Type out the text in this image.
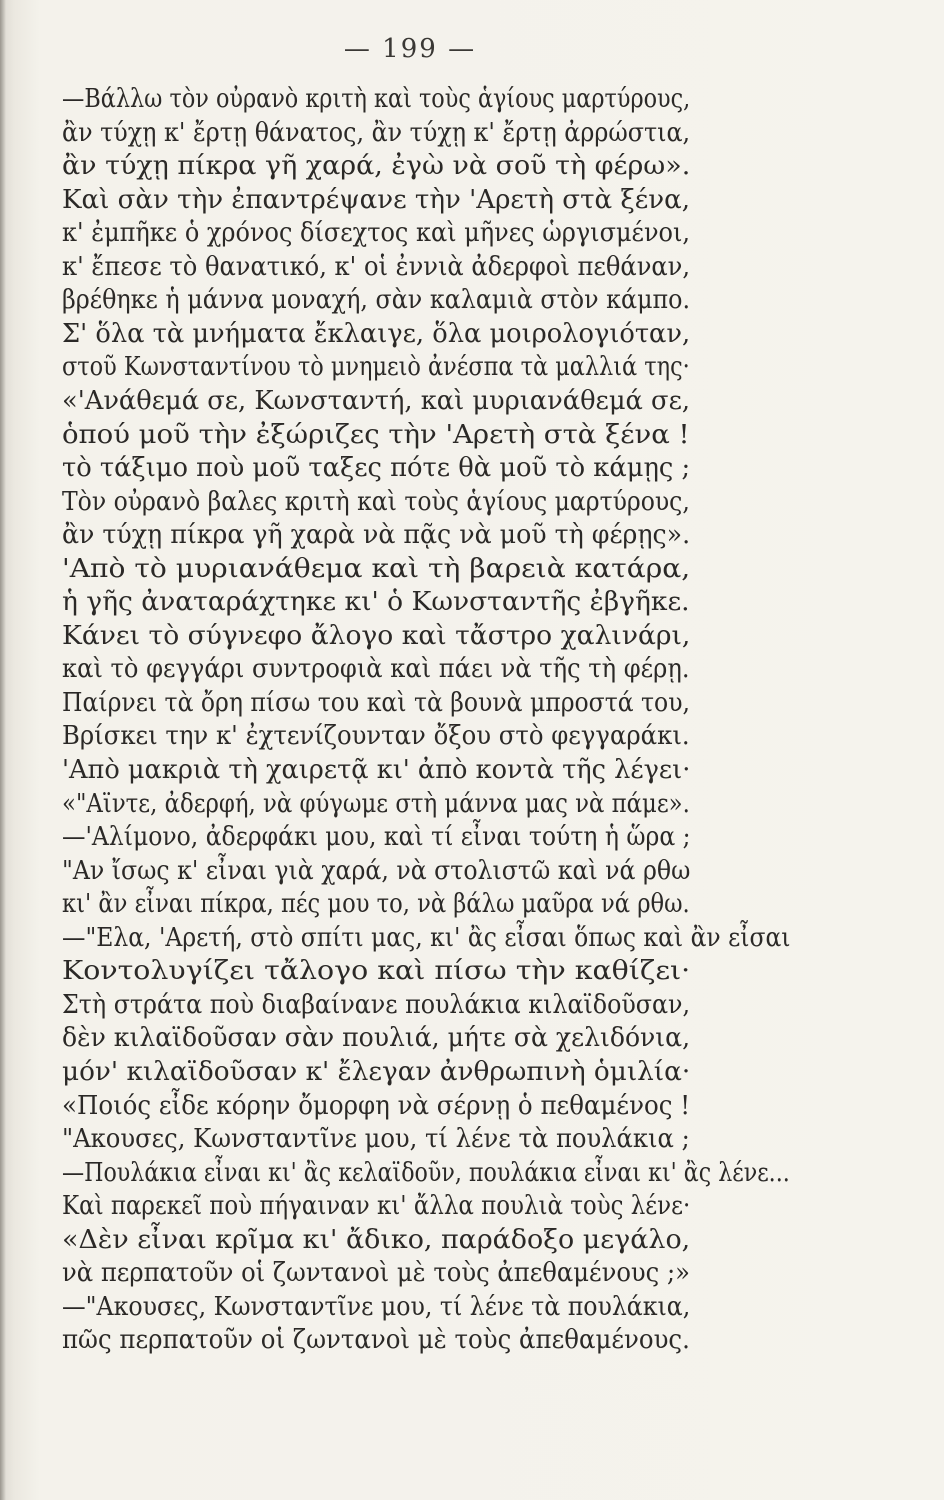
— 199 —
—Βάλλω τὸν οὐρανὸ κριτὴ καὶ τοὺς ἁγίους μαρτύρους,
ἂν τύχῃ κ' ἔρτῃ θάνατος, ἂν τύχῃ κ' ἔρτῃ ἀρρώστια,
ἂν τύχῃ πίκρα γῆ χαρά, ἐγὼ νὰ σοῦ τὴ φέρω».
Καὶ σὰν τὴν ἐπαντρέψανε τὴν 'Αρετὴ στὰ ξένα,
κ' ἐμπῆκε ὁ χρόνος δίσεχτος καὶ μῆνες ὡργισμένοι,
κ' ἔπεσε τὸ θανατικό, κ' οἱ ἐννιὰ ἀδερφοὶ πεθάναν,
βρέθηκε ἡ μάννα μοναχή, σὰν καλαμιὰ στὸν κάμπο.
Σ' ὅλα τὰ μνήματα ἔκλαιγε, ὅλα μοιρολογιόταν,
στοῦ Κωνσταντίνου τὸ μνημειὸ ἀνέσπα τὰ μαλλιά της·
«'Ανάθεμά σε, Κωνσταντή, καὶ μυριανάθεμά σε,
ὁπού μοῦ τὴν ἐξώριζες τὴν 'Αρετὴ στὰ ξένα !
τὸ τάξιμο ποὺ μοῦ ταξες πότε θὰ μοῦ τὸ κάμῃς ;
Τὸν οὐρανὸ βαλες κριτὴ καὶ τοὺς ἁγίους μαρτύρους,
ἂν τύχῃ πίκρα γῆ χαρὰ νὰ πᾷς νὰ μοῦ τὴ φέρῃς».
'Απὸ τὸ μυριανάθεμα καὶ τὴ βαρειὰ κατάρα,
ἡ γῆς ἀναταράχτηκε κι' ὁ Κωνσταντῆς ἐβγῆκε.
Κάνει τὸ σύγνεφο ἄλογο καὶ τἄστρο χαλινάρι,
καὶ τὸ φεγγάρι συντροφιὰ καὶ πάει νὰ τῆς τὴ φέρῃ.
Παίρνει τὰ ὄρη πίσω του καὶ τὰ βουνὰ μπροστά του,
Βρίσκει την κ' ἐχτενίζουνταν ὄξου στὸ φεγγαράκι.
'Απὸ μακριὰ τὴ χαιρετᾷ κι' ἀπὸ κοντὰ τῆς λέγει·
«"Αϊντε, ἀδερφή, νὰ φύγωμε στὴ μάννα μας νὰ πάμε».
—'Αλίμονο, ἀδερφάκι μου, καὶ τί εἶναι τούτη ἡ ὥρα ;
"Αν ἴσως κ' εἶναι γιὰ χαρά, νὰ στολιστῶ καὶ νά ρθω
κι' ἂν εἶναι πίκρα, πές μου το, νὰ βάλω μαῦρα νά ρθω.
—"Ελα, 'Αρετή, στὸ σπίτι μας, κι' ἂς εἶσαι ὅπως καὶ ἂν εἶσαι
Κοντολυγίζει τἄλογο καὶ πίσω τὴν καθίζει·
Στὴ στράτα ποὺ διαβαίνανε πουλάκια κιλαϊδοῦσαν,
δὲν κιλαϊδοῦσαν σὰν πουλιά, μήτε σὰ χελιδόνια,
μόν' κιλαϊδοῦσαν κ' ἔλεγαν ἀνθρωπινὴ ὁμιλία·
«Ποιός εἶδε κόρην ὄμορφη νὰ σέρνῃ ὁ πεθαμένος !
"Ακουσες, Κωνσταντῖνε μου, τί λένε τὰ πουλάκια ;
—Πουλάκια εἶναι κι' ἂς κελαϊδοῦν, πουλάκια εἶναι κι' ἂς λένε...
Καὶ παρεκεῖ ποὺ πήγαιναν κι' ἄλλα πουλιὰ τοὺς λένε·
«Δὲν εἶναι κρῖμα κι' ἄδικο, παράδοξο μεγάλο,
νὰ περπατοῦν οἱ ζωντανοὶ μὲ τοὺς ἀπεθαμένους ;»
—"Ακουσες, Κωνσταντῖνε μου, τί λένε τὰ πουλάκια,
πῶς περπατοῦν οἱ ζωντανοὶ μὲ τοὺς ἀπεθαμένους.
